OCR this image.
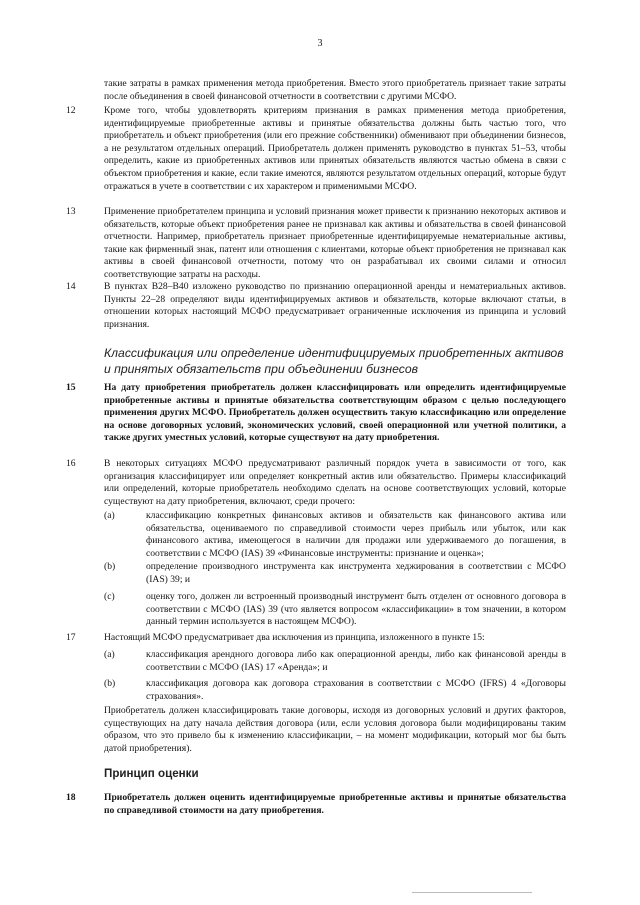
3
такие затраты в рамках применения метода приобретения. Вместо этого приобретатель признает такие затраты после объединения в своей финансовой отчетности в соответствии с другими МСФО.
12	Кроме того, чтобы удовлетворять критериям признания в рамках применения метода приобретения, идентифицируемые приобретенные активы и принятые обязательства должны быть частью того, что приобретатель и объект приобретения (или его прежние собственники) обменивают при объединении бизнесов, а не результатом отдельных операций. Приобретатель должен применять руководство в пунктах 51–53, чтобы определить, какие из приобретенных активов или принятых обязательств являются частью обмена в связи с объектом приобретения и какие, если такие имеются, являются результатом отдельных операций, которые будут отражаться в учете в соответствии с их характером и применимыми МСФО.
13	Применение приобретателем принципа и условий признания может привести к признанию некоторых активов и обязательств, которые объект приобретения ранее не признавал как активы и обязательства в своей финансовой отчетности. Например, приобретатель признает приобретенные идентифицируемые нематериальные активы, такие как фирменный знак, патент или отношения с клиентами, которые объект приобретения не признавал как активы в своей финансовой отчетности, потому что он разрабатывал их своими силами и относил соответствующие затраты на расходы.
14	В пунктах B28–B40 изложено руководство по признанию операционной аренды и нематериальных активов. Пункты 22–28 определяют виды идентифицируемых активов и обязательств, которые включают статьи, в отношении которых настоящий МСФО предусматривает ограниченные исключения из принципа и условий признания.
Классификация или определение идентифицируемых приобретенных активов и принятых обязательств при объединении бизнесов
15	На дату приобретения приобретатель должен классифицировать или определить идентифицируемые приобретенные активы и принятые обязательства соответствующим образом с целью последующего применения других МСФО. Приобретатель должен осуществить такую классификацию или определение на основе договорных условий, экономических условий, своей операционной или учетной политики, а также других уместных условий, которые существуют на дату приобретения.
16	В некоторых ситуациях МСФО предусматривают различный порядок учета в зависимости от того, как организация классифицирует или определяет конкретный актив или обязательство. Примеры классификаций или определений, которые приобретатель необходимо сделать на основе соответствующих условий, которые существуют на дату приобретения, включают, среди прочего:
(a)	классификацию конкретных финансовых активов и обязательств как финансового актива или обязательства, оцениваемого по справедливой стоимости через прибыль или убыток, или как финансового актива, имеющегося в наличии для продажи или удерживаемого до погашения, в соответствии с МСФО (IAS) 39 «Финансовые инструменты: признание и оценка»;
(b)	определение производного инструмента как инструмента хеджирования в соответствии с МСФО (IAS) 39; и
(c)	оценку того, должен ли встроенный производный инструмент быть отделен от основного договора в соответствии с МСФО (IAS) 39 (что является вопросом «классификации» в том значении, в котором данный термин используется в настоящем МСФО).
17	Настоящий МСФО предусматривает два исключения из принципа, изложенного в пункте 15:
(a)	классификация арендного договора либо как операционной аренды, либо как финансовой аренды в соответствии с МСФО (IAS) 17 «Аренда»; и
(b)	классификация договора как договора страхования в соответствии с МСФО (IFRS) 4 «Договоры страхования».
Приобретатель должен классифицировать такие договоры, исходя из договорных условий и других факторов, существующих на дату начала действия договора (или, если условия договора были модифицированы таким образом, что это привело бы к изменению классификации, – на момент модификации, который мог бы быть датой приобретения).
Принцип оценки
18	Приобретатель должен оценить идентифицируемые приобретенные активы и принятые обязательства по справедливой стоимости на дату приобретения.
